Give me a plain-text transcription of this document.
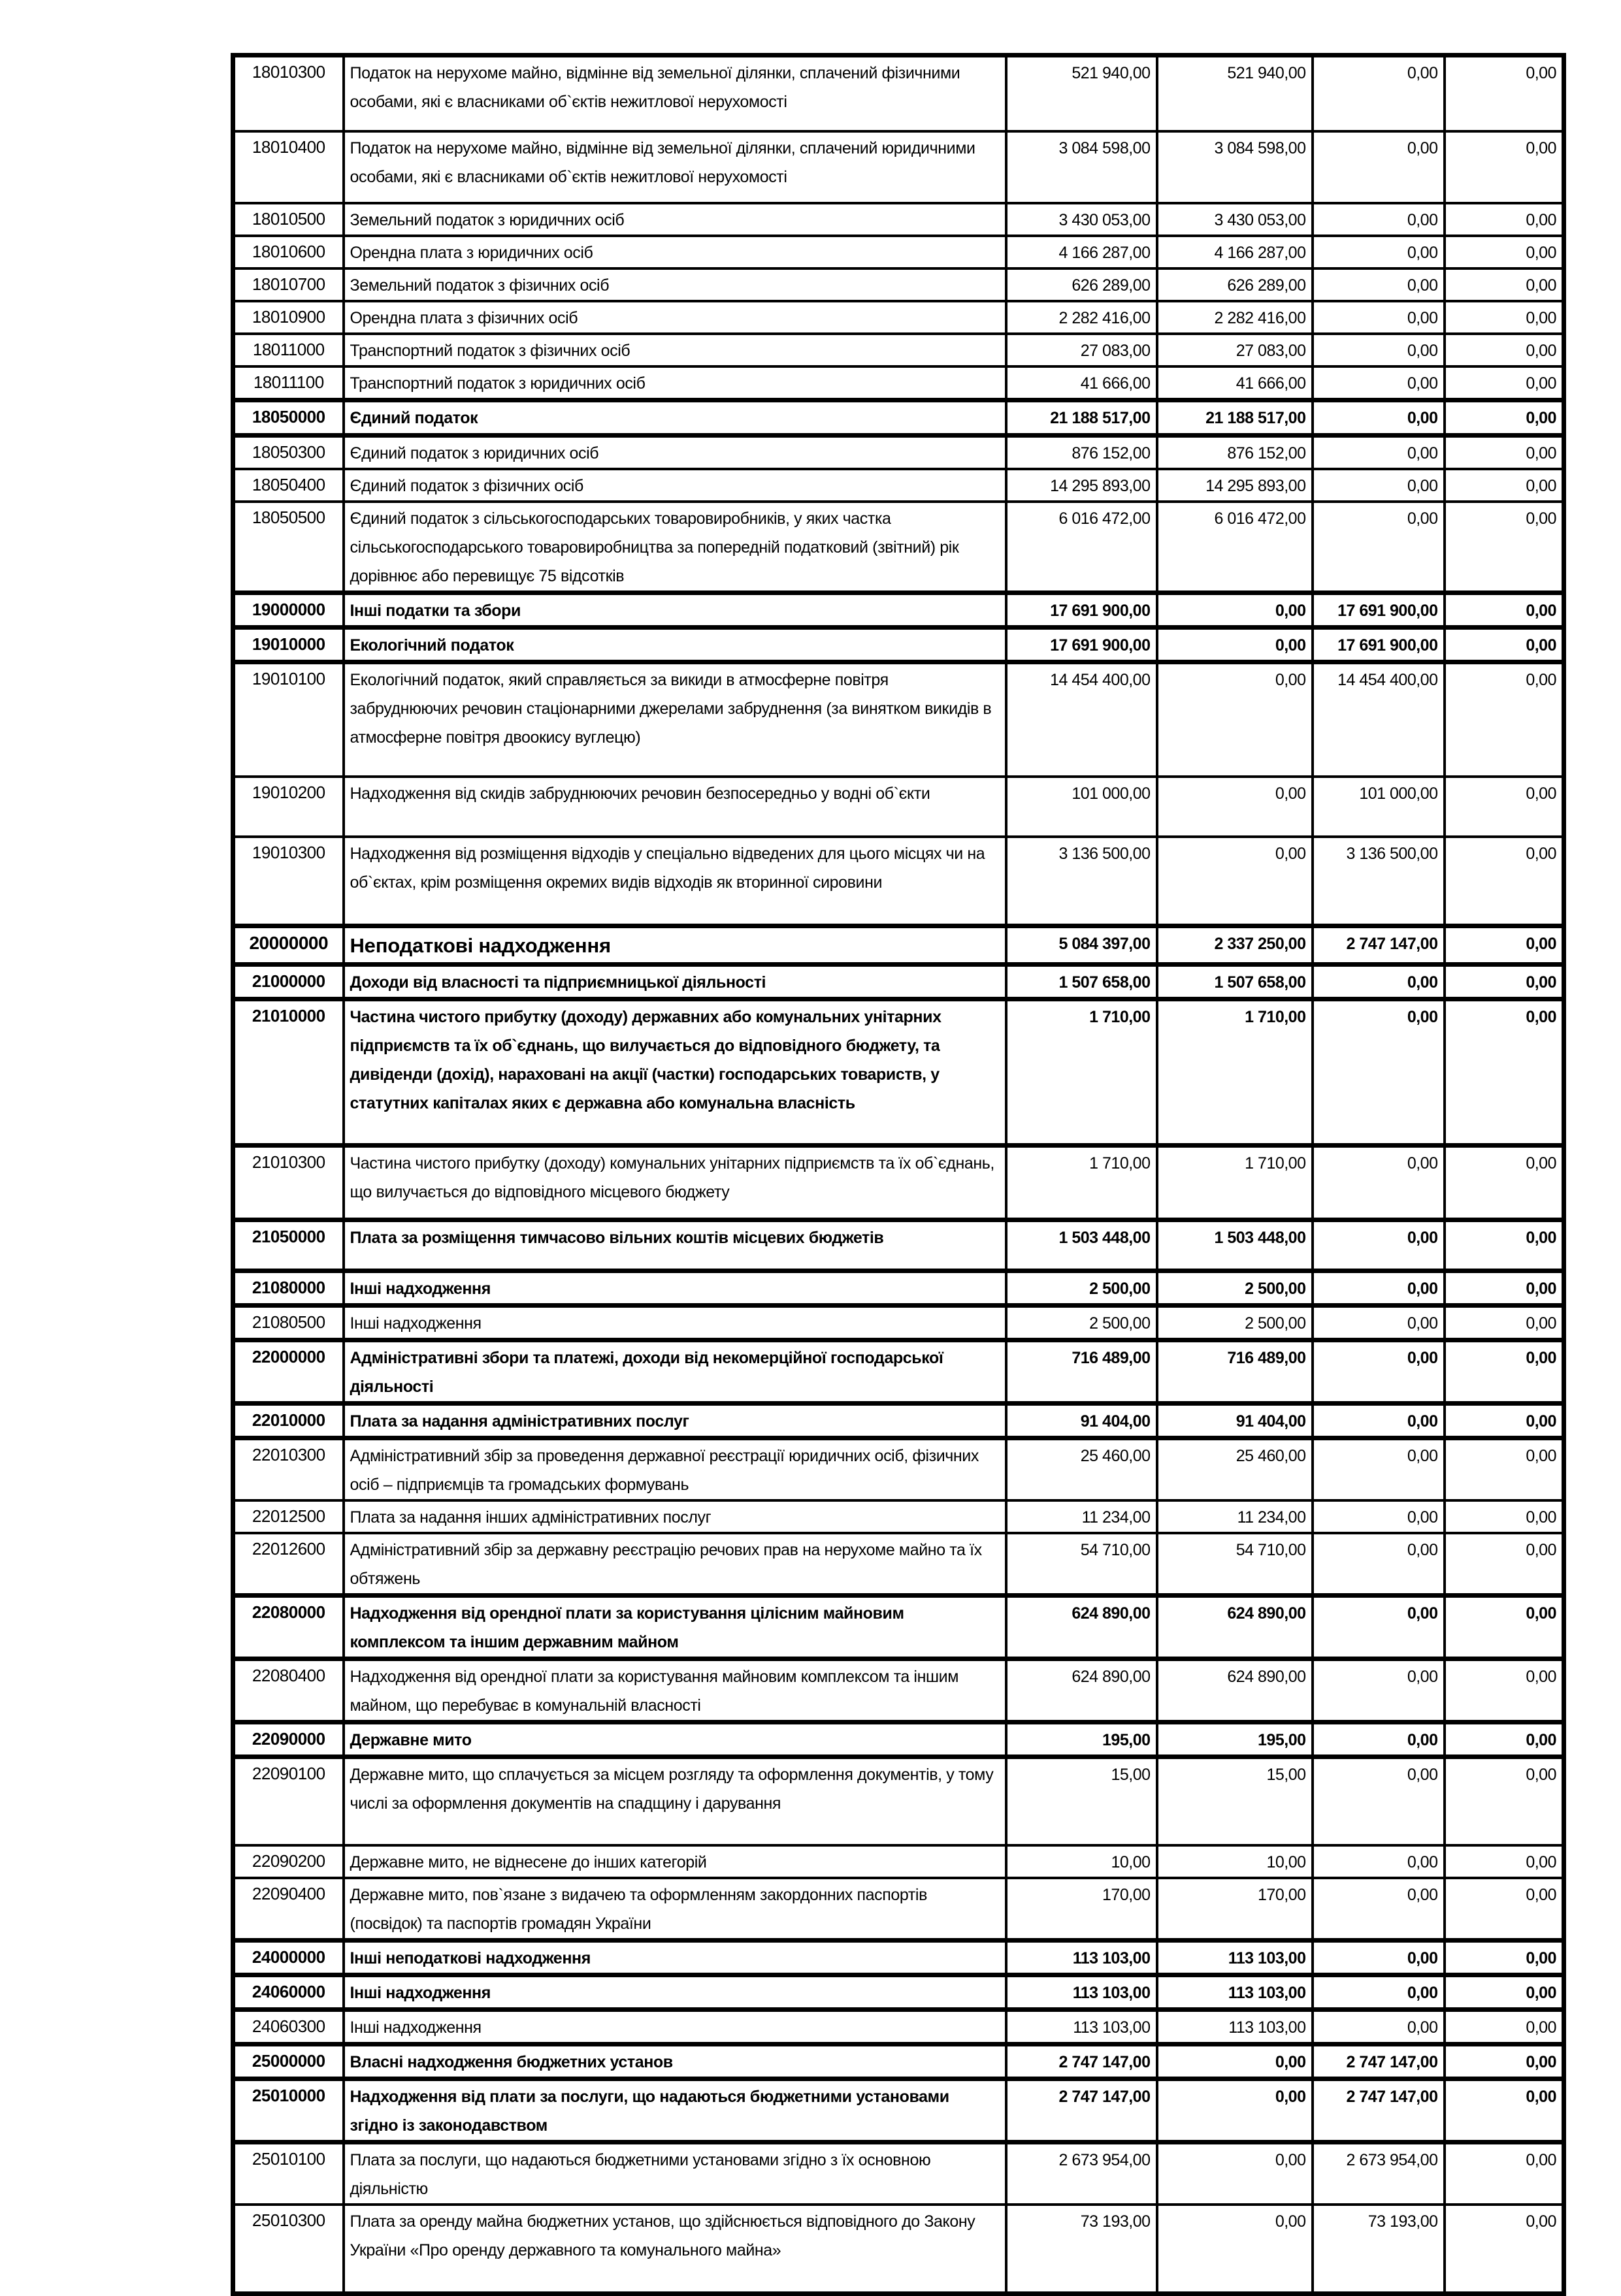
18010300	Податок на нерухоме майно, відмінне від земельної ділянки, сплачений фізичними особами, які є власниками об`єктів нежитлової нерухомості	521 940,00	521 940,00	0,00	0,00
18010400	Податок на нерухоме майно, відмінне від земельної ділянки, сплачений юридичними особами, які є власниками об`єктів нежитлової нерухомості	3 084 598,00	3 084 598,00	0,00	0,00
18010500	Земельний податок з юридичних осіб	3 430 053,00	3 430 053,00	0,00	0,00
18010600	Орендна плата з юридичних осіб	4 166 287,00	4 166 287,00	0,00	0,00
18010700	Земельний податок з фізичних осіб	626 289,00	626 289,00	0,00	0,00
18010900	Орендна плата з фізичних осіб	2 282 416,00	2 282 416,00	0,00	0,00
18011000	Транспортний податок з фізичних осіб	27 083,00	27 083,00	0,00	0,00
18011100	Транспортний податок з юридичних осіб	41 666,00	41 666,00	0,00	0,00
18050000	Єдиний податок	21 188 517,00	21 188 517,00	0,00	0,00
18050300	Єдиний податок з юридичних осіб	876 152,00	876 152,00	0,00	0,00
18050400	Єдиний податок з фізичних осіб	14 295 893,00	14 295 893,00	0,00	0,00
18050500	Єдиний податок з сільськогосподарських товаровиробників, у яких частка сільськогосподарського товаровиробництва за попередній податковий (звітний) рік дорівнює або перевищує 75 відсотків	6 016 472,00	6 016 472,00	0,00	0,00
19000000	Інші податки та збори	17 691 900,00	0,00	17 691 900,00	0,00
19010000	Екологічний податок	17 691 900,00	0,00	17 691 900,00	0,00
19010100	Екологічний податок, який справляється за викиди в атмосферне повітря забруднюючих речовин стаціонарними джерелами забруднення (за винятком викидів в атмосферне повітря двоокису вуглецю)	14 454 400,00	0,00	14 454 400,00	0,00
19010200	Надходження від скидів забруднюючих речовин безпосередньо у водні об`єкти	101 000,00	0,00	101 000,00	0,00
19010300	Надходження від розміщення відходів у спеціально відведених для цього місцях чи на об`єктах, крім розміщення окремих видів відходів як вторинної сировини	3 136 500,00	0,00	3 136 500,00	0,00
20000000	Неподаткові надходження	5 084 397,00	2 337 250,00	2 747 147,00	0,00
21000000	Доходи від власності та підприємницької діяльності	1 507 658,00	1 507 658,00	0,00	0,00
21010000	Частина чистого прибутку (доходу) державних або комунальних унітарних підприємств та їх об`єднань, що вилучається до відповідного бюджету, та дивіденди (дохід), нараховані на акції (частки) господарських товариств, у статутних капіталах яких є державна або комунальна власність	1 710,00	1 710,00	0,00	0,00
21010300	Частина чистого прибутку (доходу) комунальних унітарних підприємств та їх об`єднань, що вилучається до відповідного місцевого бюджету	1 710,00	1 710,00	0,00	0,00
21050000	Плата за розміщення тимчасово вільних коштів місцевих бюджетів	1 503 448,00	1 503 448,00	0,00	0,00
21080000	Інші надходження	2 500,00	2 500,00	0,00	0,00
21080500	Інші надходження	2 500,00	2 500,00	0,00	0,00
22000000	Адміністративні збори та платежі, доходи від некомерційної господарської діяльності	716 489,00	716 489,00	0,00	0,00
22010000	Плата за надання адміністративних послуг	91 404,00	91 404,00	0,00	0,00
22010300	Адміністративний збір за проведення державної реєстрації юридичних осіб, фізичних осіб – підприємців та громадських формувань	25 460,00	25 460,00	0,00	0,00
22012500	Плата за надання інших адміністративних послуг	11 234,00	11 234,00	0,00	0,00
22012600	Адміністративний збір за державну реєстрацію речових прав на нерухоме майно та їх обтяжень	54 710,00	54 710,00	0,00	0,00
22080000	Надходження від орендної плати за користування цілісним майновим комплексом та іншим державним майном	624 890,00	624 890,00	0,00	0,00
22080400	Надходження від орендної плати за користування майновим комплексом та іншим майном, що перебуває в комунальній власності	624 890,00	624 890,00	0,00	0,00
22090000	Державне мито	195,00	195,00	0,00	0,00
22090100	Державне мито, що сплачується за місцем розгляду та оформлення документів, у тому числі за оформлення документів на спадщину і дарування	15,00	15,00	0,00	0,00
22090200	Державне мито, не віднесене до інших категорій	10,00	10,00	0,00	0,00
22090400	Державне мито, пов`язане з видачею та оформленням закордонних паспортів (посвідок) та паспортів громадян України	170,00	170,00	0,00	0,00
24000000	Інші неподаткові надходження	113 103,00	113 103,00	0,00	0,00
24060000	Інші надходження	113 103,00	113 103,00	0,00	0,00
24060300	Інші надходження	113 103,00	113 103,00	0,00	0,00
25000000	Власні надходження бюджетних установ	2 747 147,00	0,00	2 747 147,00	0,00
25010000	Надходження від плати за послуги, що надаються бюджетними установами згідно із законодавством	2 747 147,00	0,00	2 747 147,00	0,00
25010100	Плата за послуги, що надаються бюджетними установами згідно з їх основною діяльністю	2 673 954,00	0,00	2 673 954,00	0,00
25010300	Плата за оренду майна бюджетних установ, що здійснюється відповідного до Закону України «Про оренду державного та комунального майна»	73 193,00	0,00	73 193,00	0,00
